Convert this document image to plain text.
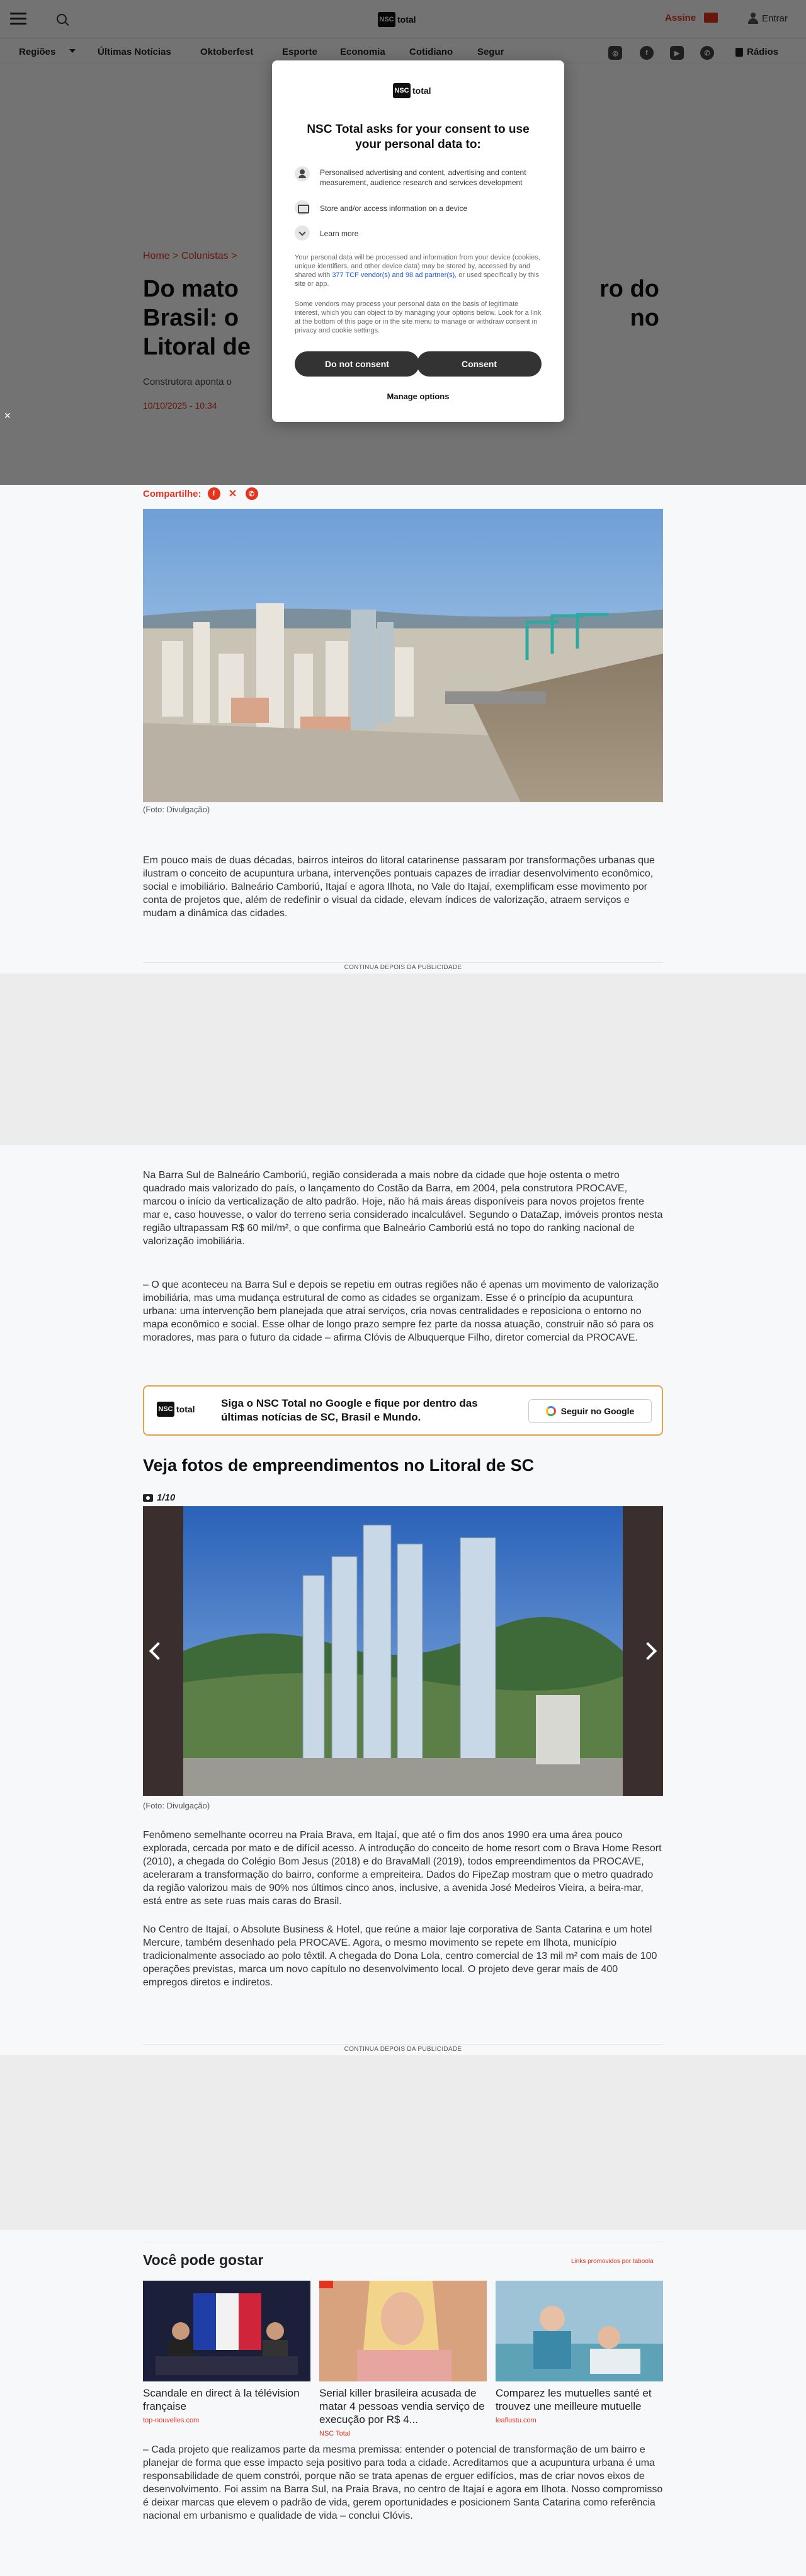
✕
NSC total
NSC Total asks for your consent to use your personal data to:
Personalised advertising and content, advertising and content measurement, audience research and services development
Store and/or access information on a device
Learn more
Your personal data will be processed and information from your device (cookies, unique identifiers, and other device data) may be stored by, accessed by and shared with 377 TCF vendor(s) and 98 ad partner(s), or used specifically by this site or app.
Some vendors may process your personal data on the basis of legitimate interest, which you can object to by managing your options below. Look for a link at the bottom of this page or in the site menu to manage or withdraw consent in privacy and cookie settings.
Do not consent	Consent
Manage options
Compartilhe:	f	✕	✆
(Foto: Divulgação)

Em pouco mais de duas décadas, bairros inteiros do litoral catarinense passaram por transformações urbanas que ilustram o conceito de acupuntura urbana, intervenções pontuais capazes de irradiar desenvolvimento econômico, social e imobiliário. Balneário Camboriú, Itajaí e agora Ilhota, no Vale do Itajaí, exemplificam esse movimento por conta de projetos que, além de redefinir o visual da cidade, elevam índices de valorização, atraem serviços e mudam a dinâmica das cidades.

CONTINUA DEPOIS DA PUBLICIDADE

Na Barra Sul de Balneário Camboriú, região considerada a mais nobre da cidade que hoje ostenta o metro quadrado mais valorizado do país, o lançamento do Costão da Barra, em 2004, pela construtora PROCAVE, marcou o início da verticalização de alto padrão. Hoje, não há mais áreas disponíveis para novos projetos frente mar e, caso houvesse, o valor do terreno seria considerado incalculável. Segundo o DataZap, imóveis prontos nesta região ultrapassam R$ 60 mil/m², o que confirma que Balneário Camboriú está no topo do ranking nacional de valorização imobiliária.

– O que aconteceu na Barra Sul e depois se repetiu em outras regiões não é apenas um movimento de valorização imobiliária, mas uma mudança estrutural de como as cidades se organizam. Esse é o princípio da acupuntura urbana: uma intervenção bem planejada que atrai serviços, cria novas centralidades e reposiciona o entorno no mapa econômico e social. Esse olhar de longo prazo sempre fez parte da nossa atuação, construir não só para os moradores, mas para o futuro da cidade – afirma Clóvis de Albuquerque Filho, diretor comercial da PROCAVE.

NSC total Siga o NSC Total no Google e fique por dentro das últimas notícias de SC, Brasil e Mundo.	Seguir no Google
Veja fotos de empreendimentos no Litoral de SC
1/10
(Foto: Divulgação)

Fenômeno semelhante ocorreu na Praia Brava, em Itajaí, que até o fim dos anos 1990 era uma área pouco explorada, cercada por mato e de difícil acesso. A introdução do conceito de home resort com o Brava Home Resort (2010), a chegada do Colégio Bom Jesus (2018) e do BravaMall (2019), todos empreendimentos da PROCAVE, aceleraram a transformação do bairro, conforme a empreiteira. Dados do FipeZap mostram que o metro quadrado da região valorizou mais de 90% nos últimos cinco anos, inclusive, a avenida José Medeiros Vieira, a beira-mar, está entre as sete ruas mais caras do Brasil.

No Centro de Itajaí, o Absolute Business & Hotel, que reúne a maior laje corporativa de Santa Catarina e um hotel Mercure, também desenhado pela PROCAVE. Agora, o mesmo movimento se repete em Ilhota, município tradicionalmente associado ao polo têxtil. A chegada do Dona Lola, centro comercial de 13 mil m² com mais de 100 operações previstas, marca um novo capítulo no desenvolvimento local. O projeto deve gerar mais de 400 empregos diretos e indiretos.

CONTINUA DEPOIS DA PUBLICIDADE
Você pode gostar	Links promovidos por taboola
Scandale en direct à la télévision française
top-nouvelles.com
Serial killer brasileira acusada de matar 4 pessoas vendia serviço de execução por R$ 4...
NSC Total
Comparez les mutuelles santé et trouvez une meilleure mutuelle
leaflustu.com

– Cada projeto que realizamos parte da mesma premissa: entender o potencial de transformação de um bairro e planejar de forma que esse impacto seja positivo para toda a cidade. Acreditamos que a acupuntura urbana é uma responsabilidade de quem constrói, porque não se trata apenas de erguer edifícios, mas de criar novos eixos de desenvolvimento. Foi assim na Barra Sul, na Praia Brava, no centro de Itajaí e agora em Ilhota. Nosso compromisso é deixar marcas que elevem o padrão de vida, gerem oportunidades e posicionem Santa Catarina como referência nacional em urbanismo e qualidade de vida – conclui Clóvis.
